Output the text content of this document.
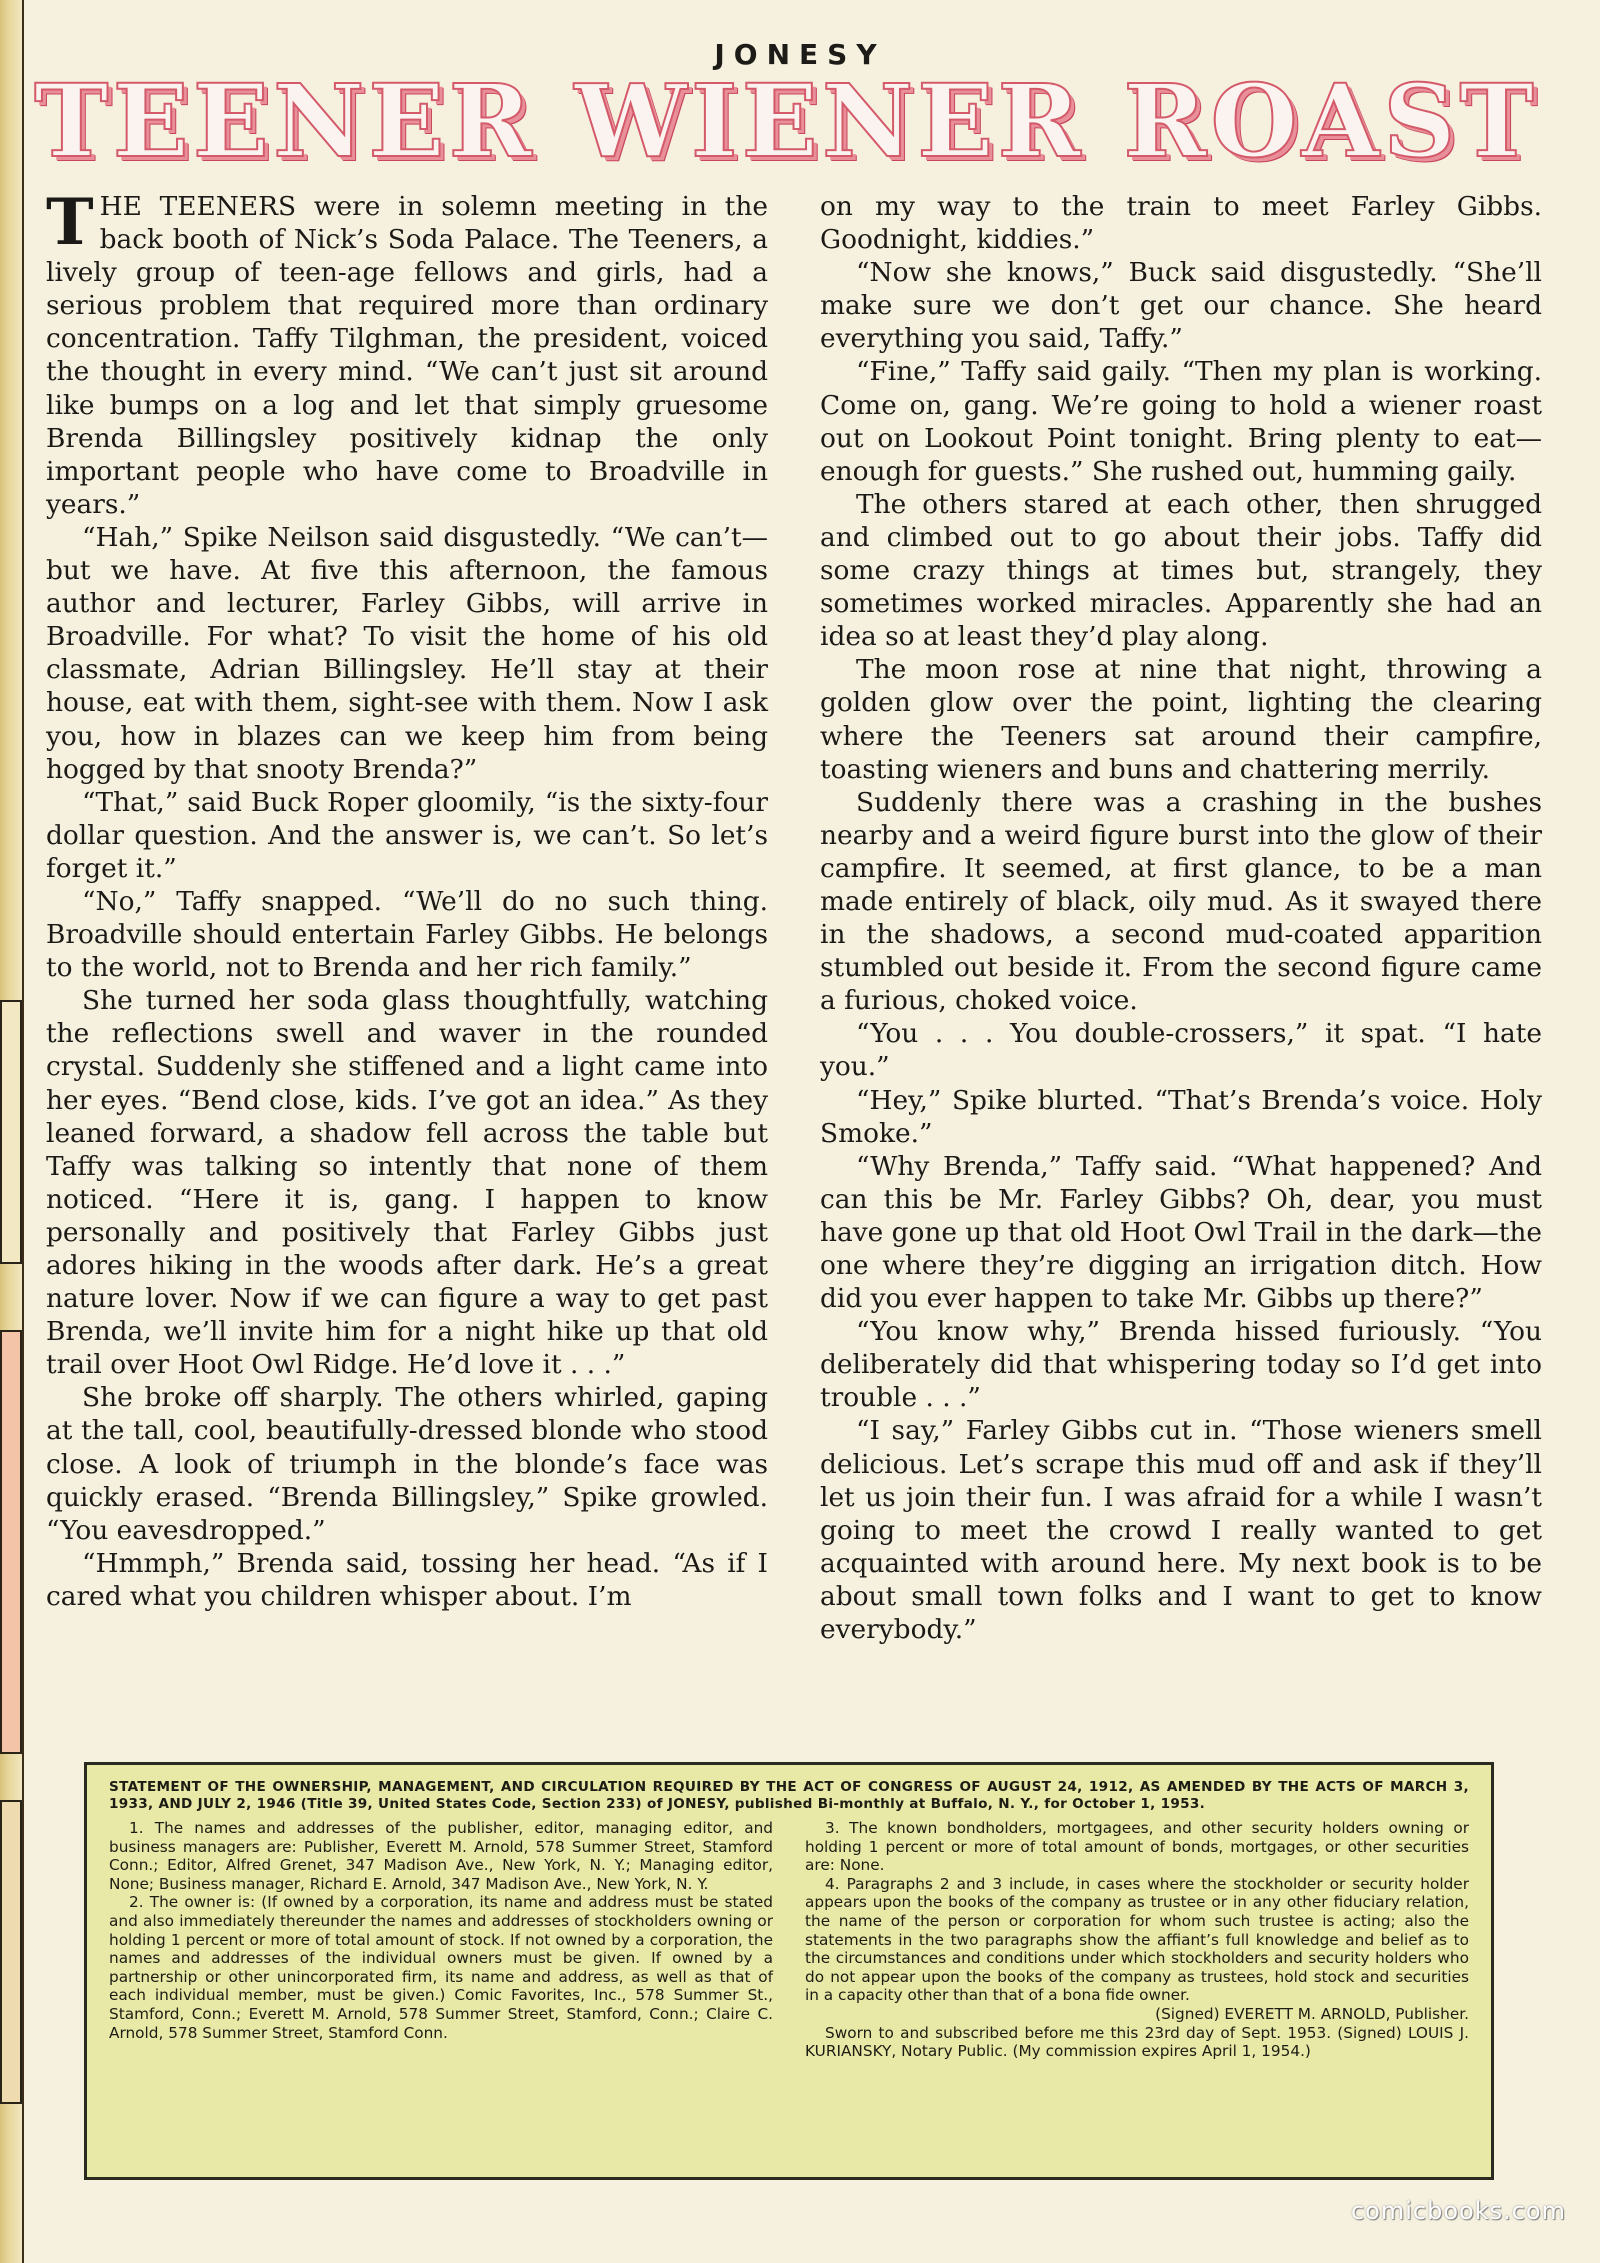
JONESY
TEENER WIENER ROAST

THE TEENERS were in solemn meeting in the back booth of Nick’s Soda Palace. The Teeners, a lively group of teen-age fellows and girls, had a serious problem that required more than ordinary concentration. Taffy Tilghman, the president, voiced the thought in every mind. “We can’t just sit around like bumps on a log and let that simply gruesome Brenda Billingsley positively kidnap the only important people who have come to Broadville in years.”

“Hah,” Spike Neilson said disgustedly. “We can’t—but we have. At five this afternoon, the famous author and lecturer, Farley Gibbs, will arrive in Broadville. For what? To visit the home of his old classmate, Adrian Billingsley. He’ll stay at their house, eat with them, sight-see with them. Now I ask you, how in blazes can we keep him from being hogged by that snooty Brenda?”

“That,” said Buck Roper gloomily, “is the sixty-four dollar question. And the answer is, we can’t. So let’s forget it.”

“No,” Taffy snapped. “We’ll do no such thing. Broadville should entertain Farley Gibbs. He belongs to the world, not to Brenda and her rich family.”

She turned her soda glass thoughtfully, watching the reflections swell and waver in the rounded crystal. Suddenly she stiffened and a light came into her eyes. “Bend close, kids. I’ve got an idea.” As they leaned forward, a shadow fell across the table but Taffy was talking so intently that none of them noticed. “Here it is, gang. I happen to know personally and positively that Farley Gibbs just adores hiking in the woods after dark. He’s a great nature lover. Now if we can figure a way to get past Brenda, we’ll invite him for a night hike up that old trail over Hoot Owl Ridge. He’d love it . . .”

She broke off sharply. The others whirled, gaping at the tall, cool, beautifully-dressed blonde who stood close. A look of triumph in the blonde’s face was quickly erased. “Brenda Billingsley,” Spike growled. “You eavesdropped.”

“Hmmph,” Brenda said, tossing her head. “As if I cared what you children whisper about. I’m

on my way to the train to meet Farley Gibbs. Goodnight, kiddies.”

“Now she knows,” Buck said disgustedly. “She’ll make sure we don’t get our chance. She heard everything you said, Taffy.”

“Fine,” Taffy said gaily. “Then my plan is working. Come on, gang. We’re going to hold a wiener roast out on Lookout Point tonight. Bring plenty to eat—enough for guests.” She rushed out, humming gaily.

The others stared at each other, then shrugged and climbed out to go about their jobs. Taffy did some crazy things at times but, strangely, they sometimes worked miracles. Apparently she had an idea so at least they’d play along.

The moon rose at nine that night, throwing a golden glow over the point, lighting the clearing where the Teeners sat around their campfire, toasting wieners and buns and chattering merrily.

Suddenly there was a crashing in the bushes nearby and a weird figure burst into the glow of their campfire. It seemed, at first glance, to be a man made entirely of black, oily mud. As it swayed there in the shadows, a second mud-coated apparition stumbled out beside it. From the second figure came a furious, choked voice.

“You . . . You double-crossers,” it spat. “I hate you.”

“Hey,” Spike blurted. “That’s Brenda’s voice. Holy Smoke.”

“Why Brenda,” Taffy said. “What happened? And can this be Mr. Farley Gibbs? Oh, dear, you must have gone up that old Hoot Owl Trail in the dark—the one where they’re digging an irrigation ditch. How did you ever happen to take Mr. Gibbs up there?”

“You know why,” Brenda hissed furiously. “You deliberately did that whispering today so I’d get into trouble . . .”

“I say,” Farley Gibbs cut in. “Those wieners smell delicious. Let’s scrape this mud off and ask if they’ll let us join their fun. I was afraid for a while I wasn’t going to meet the crowd I really wanted to get acquainted with around here. My next book is to be about small town folks and I want to get to know everybody.”

STATEMENT OF THE OWNERSHIP, MANAGEMENT, AND CIRCULATION REQUIRED BY THE ACT OF CONGRESS OF AUGUST 24, 1912, AS AMENDED BY THE ACTS OF MARCH 3, 1933, AND JULY 2, 1946 (Title 39, United States Code, Section 233) of JONESY, published Bi-monthly at Buffalo, N. Y., for October 1, 1953.

1. The names and addresses of the publisher, editor, managing editor, and business managers are: Publisher, Everett M. Arnold, 578 Summer Street, Stamford Conn.; Editor, Alfred Grenet, 347 Madison Ave., New York, N. Y.; Managing editor, None; Business manager, Richard E. Arnold, 347 Madison Ave., New York, N. Y.

2. The owner is: (If owned by a corporation, its name and address must be stated and also immediately thereunder the names and addresses of stockholders owning or holding 1 percent or more of total amount of stock. If not owned by a corporation, the names and addresses of the individual owners must be given. If owned by a partnership or other unincorporated firm, its name and address, as well as that of each individual member, must be given.) Comic Favorites, Inc., 578 Summer St., Stamford, Conn.; Everett M. Arnold, 578 Summer Street, Stamford, Conn.; Claire C. Arnold, 578 Summer Street, Stamford Conn.

3. The known bondholders, mortgagees, and other security holders owning or holding 1 percent or more of total amount of bonds, mortgages, or other securities are: None.

4. Paragraphs 2 and 3 include, in cases where the stockholder or security holder appears upon the books of the company as trustee or in any other fiduciary relation, the name of the person or corporation for whom such trustee is acting; also the statements in the two paragraphs show the affiant’s full knowledge and belief as to the circumstances and conditions under which stockholders and security holders who do not appear upon the books of the company as trustees, hold stock and securities in a capacity other than that of a bona fide owner.

(Signed) EVERETT M. ARNOLD, Publisher.

Sworn to and subscribed before me this 23rd day of Sept. 1953. (Signed) LOUIS J. KURIANSKY, Notary Public. (My commission expires April 1, 1954.)

comicbooks.com
